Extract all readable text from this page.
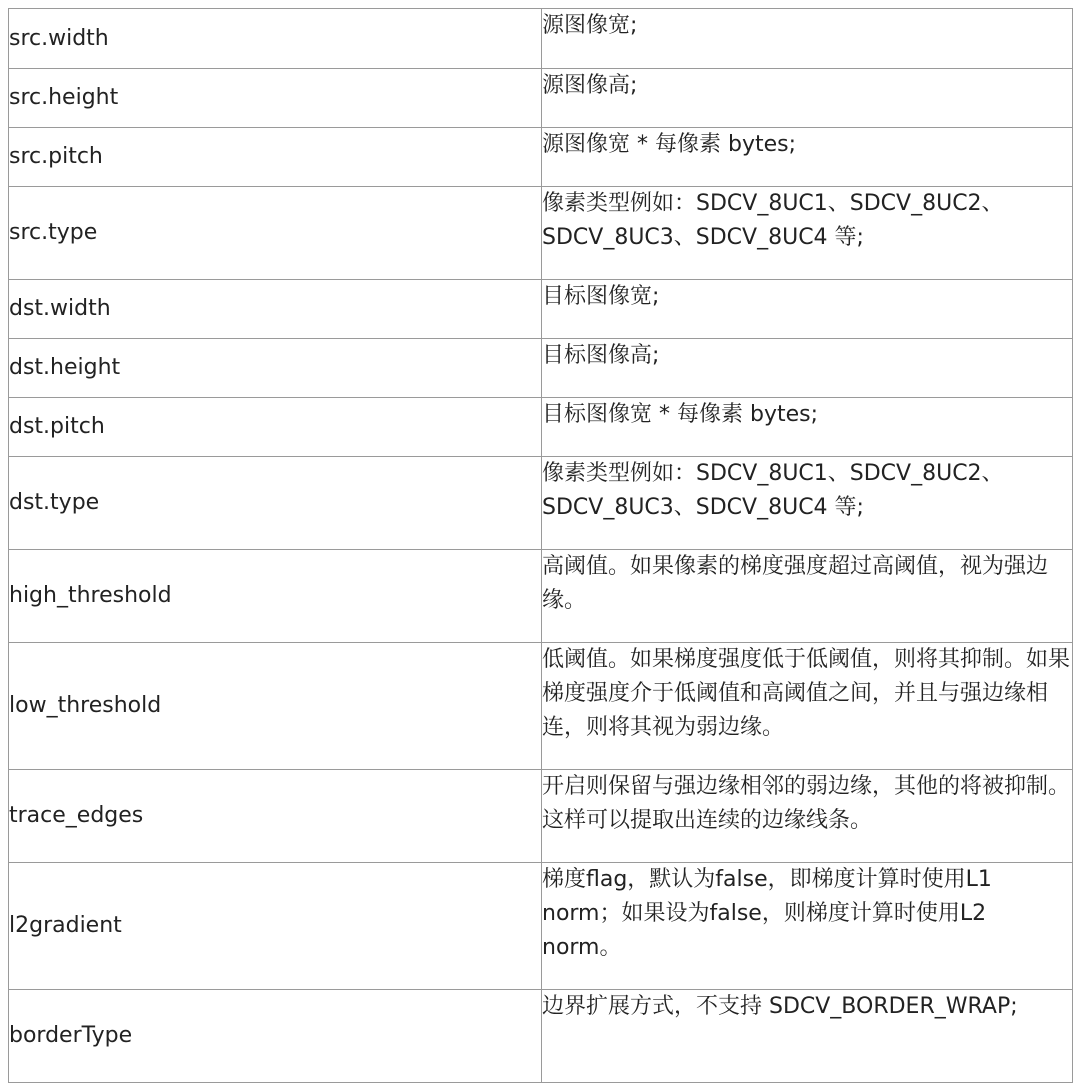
src.width	源图像宽;
src.height	源图像高;
src.pitch	源图像宽 * 每像素 bytes;
src.type	像素类型例如：SDCV_8UC1、SDCV_8UC2、SDCV_8UC3、SDCV_8UC4 等;
dst.width	目标图像宽;
dst.height	目标图像高;
dst.pitch	目标图像宽 * 每像素 bytes;
dst.type	像素类型例如：SDCV_8UC1、SDCV_8UC2、SDCV_8UC3、SDCV_8UC4 等;
high_threshold	高阈值。如果像素的梯度强度超过高阈值，视为强边缘。
low_threshold	低阈值。如果梯度强度低于低阈值，则将其抑制。如果梯度强度介于低阈值和高阈值之间，并且与强边缘相连，则将其视为弱边缘。
trace_edges	开启则保留与强边缘相邻的弱边缘，其他的将被抑制。这样可以提取出连续的边缘线条。
l2gradient	梯度flag，默认为false，即梯度计算时使用L1 norm；如果设为false，则梯度计算时使用L2 norm。
borderType	边界扩展方式，不支持 SDCV_BORDER_WRAP;
